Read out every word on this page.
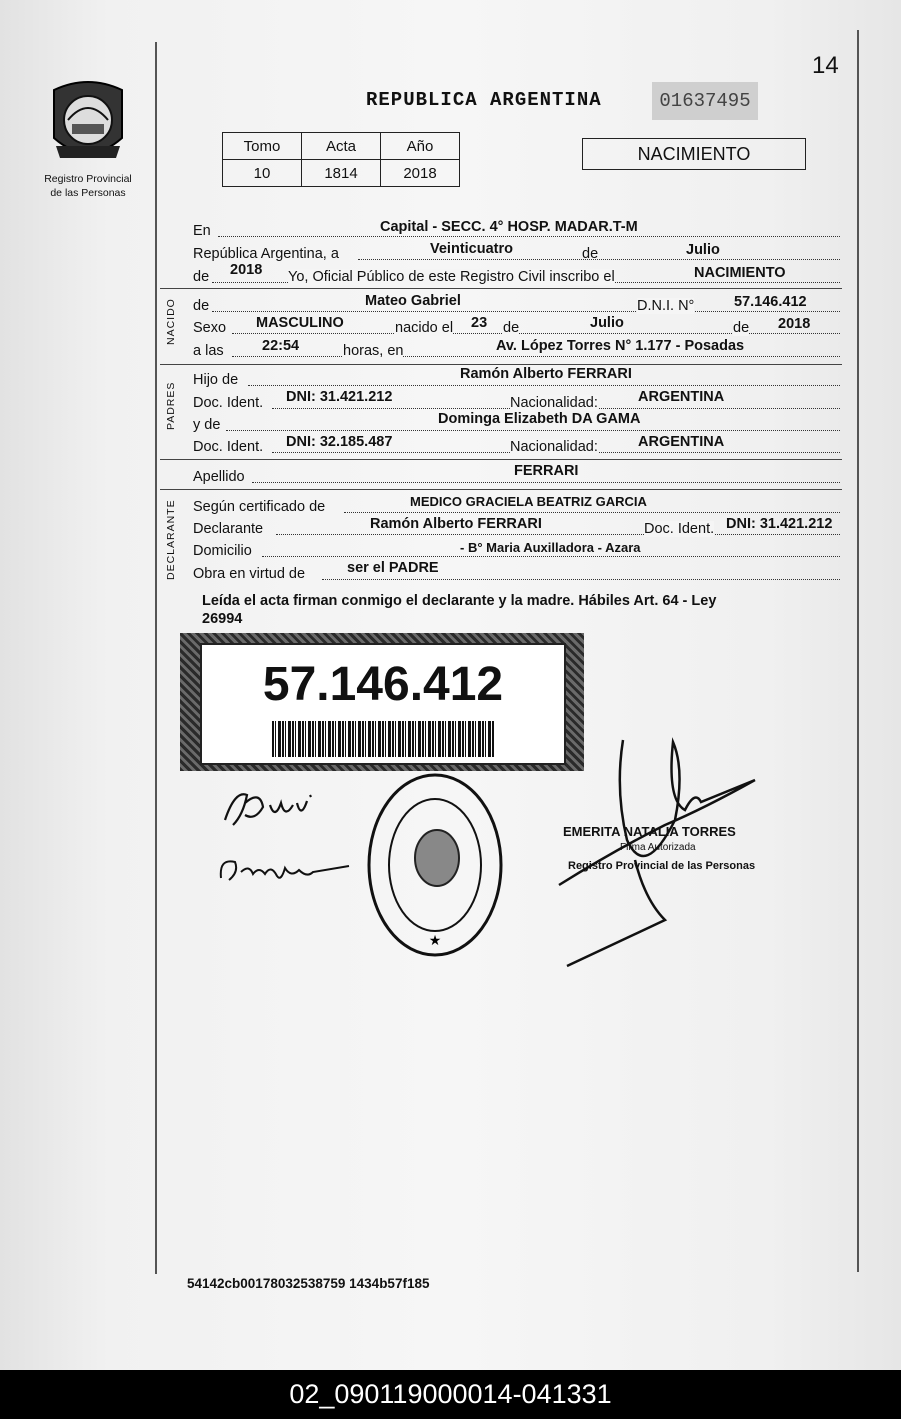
Registro Provincial
de las Personas
14
REPUBLICA ARGENTINA	01637495
Tomo	Acta	Año
10	1814	2018
NACIMIENTO
En	Capital - SECC. 4° HOSP. MADAR.T-M
República Argentina, a	Veinticuatro	de	Julio
de 2018 Yo, Oficial Público de este Registro Civil inscribo el	NACIMIENTO
NACIDO de	Mateo Gabriel	D.N.I. N°	57.146.412
Sexo MASCULINO	nacido el 23 de	Julio	de 2018
a las	22:54	horas, en	Av. López Torres N° 1.177 - Posadas
PADRES
Hijo de	Ramón Alberto FERRARI
Doc. Ident. DNI: 31.421.212	Nacionalidad:	ARGENTINA
y de	Dominga Elizabeth DA GAMA
Doc. Ident. DNI: 32.185.487	Nacionalidad:	ARGENTINA
Apellido	FERRARI
DECLARANTE Según certificado de	MEDICO GRACIELA BEATRIZ GARCIA
Declarante	Ramón Alberto FERRARI	Doc. Ident. DNI: 31.421.212
Domicilio	- B° Maria Auxilladora - Azara
Obra en virtud de	ser el PADRE
Leída el acta firman conmigo el declarante y la madre. Hábiles Art. 64 - Ley
26994
57.146.412
★
EMERITA NATALIA TORRES
Firma Autorizada
Registro Provincial de las Personas
54142cb00178032538759 1434b57f185
02_090119000014-041331
